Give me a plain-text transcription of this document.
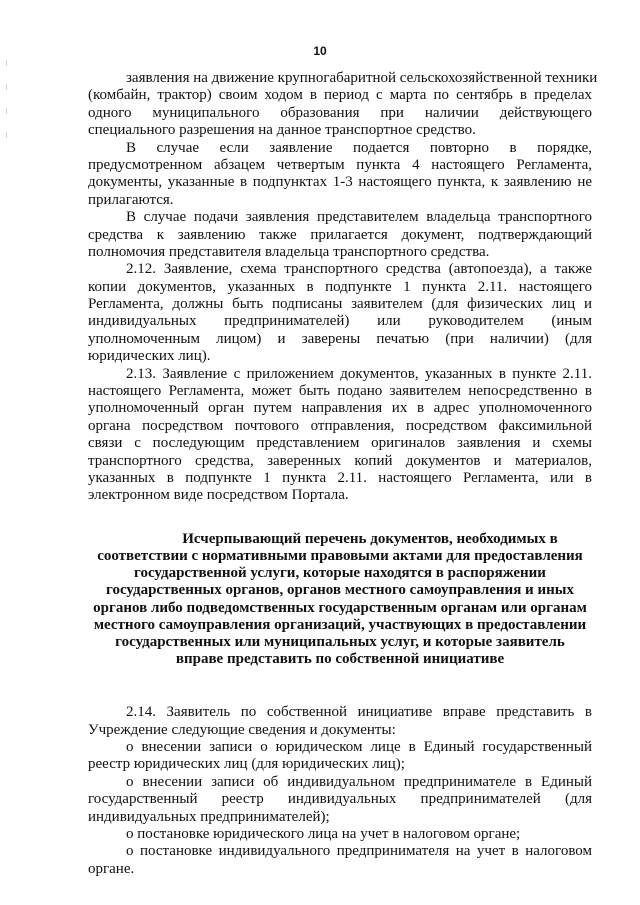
—
—
—
—
10
заявления на движение крупногабаритной сельскохозяйственной техники
(комбайн, трактор) своим ходом в период с марта по сентябрь в пределах
одного муниципального образования при наличии действующего
специального разрешения на данное транспортное средство.
В случае если заявление подается повторно в порядке,
предусмотренном абзацем четвертым пункта 4 настоящего Регламента,
документы, указанные в подпунктах 1-3 настоящего пункта, к заявлению не
прилагаются.
В случае подачи заявления представителем владельца транспортного
средства к заявлению также прилагается документ, подтверждающий
полномочия представителя владельца транспортного средства.
2.12. Заявление, схема транспортного средства (автопоезда), а также
копии документов, указанных в подпункте 1 пункта 2.11. настоящего
Регламента, должны быть подписаны заявителем (для физических лиц и
индивидуальных предпринимателей) или руководителем (иным
уполномоченным лицом) и заверены печатью (при наличии) (для
юридических лиц).
2.13. Заявление с приложением документов, указанных в пункте 2.11.
настоящего Регламента, может быть подано заявителем непосредственно в
уполномоченный орган путем направления их в адрес уполномоченного
органа посредством почтового отправления, посредством факсимильной
связи с последующим представлением оригиналов заявления и схемы
транспортного средства, заверенных копий документов и материалов,
указанных в подпункте 1 пункта 2.11. настоящего Регламента, или в
электронном виде посредством Портала.
Исчерпывающий перечень документов, необходимых в
соответствии с нормативными правовыми актами для предоставления
государственной услуги, которые находятся в распоряжении
государственных органов, органов местного самоуправления и иных
органов либо подведомственных государственным органам или органам
местного самоуправления организаций, участвующих в предоставлении
государственных или муниципальных услуг, и которые заявитель
вправе представить по собственной инициативе
2.14. Заявитель по собственной инициативе вправе представить в
Учреждение следующие сведения и документы:
о внесении записи о юридическом лице в Единый государственный
реестр юридических лиц (для юридических лиц);
о внесении записи об индивидуальном предпринимателе в Единый
государственный реестр индивидуальных предпринимателей (для
индивидуальных предпринимателей);
о постановке юридического лица на учет в налоговом органе;
о постановке индивидуального предпринимателя на учет в налоговом
органе.
